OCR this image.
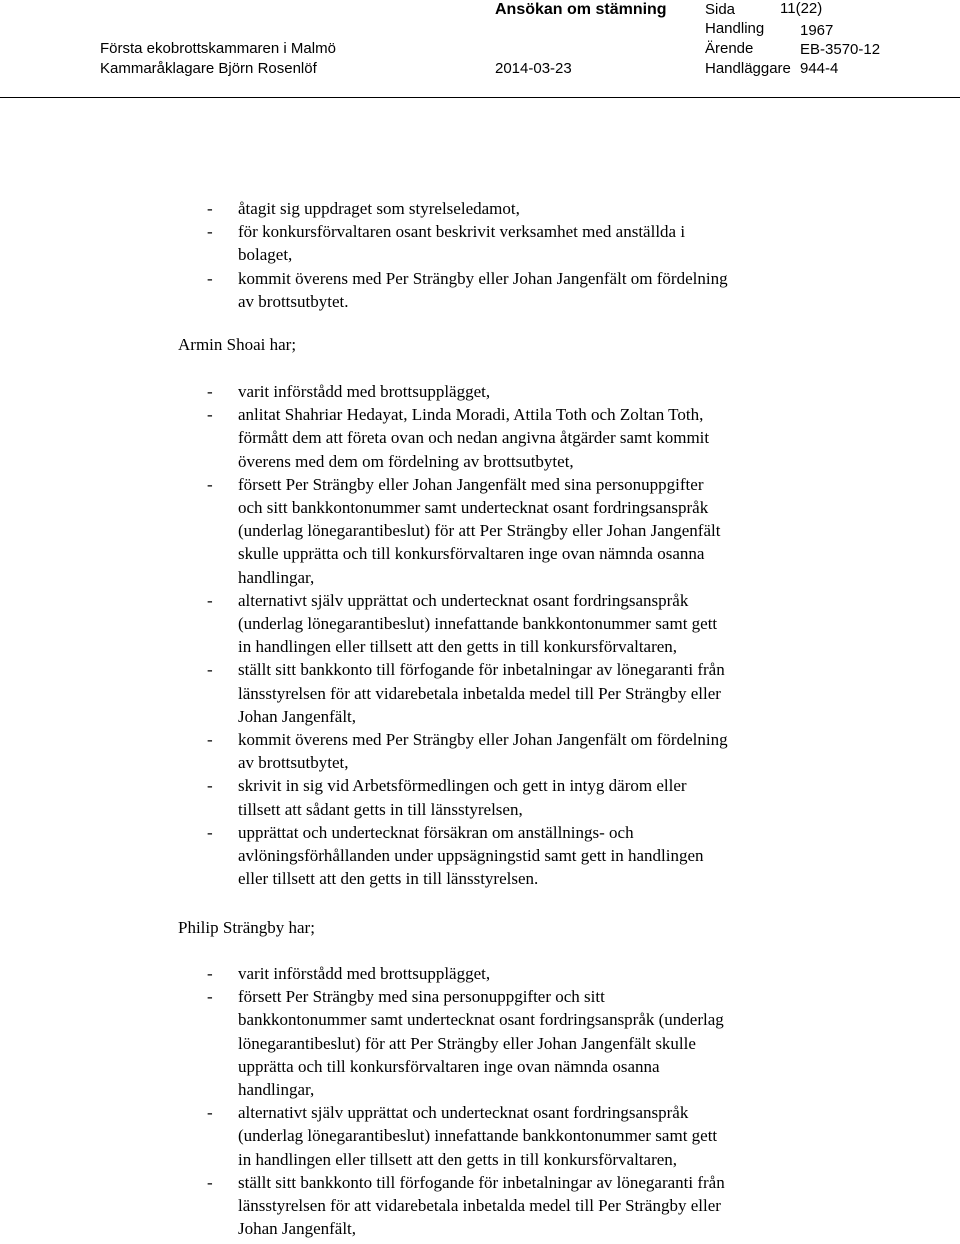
Ansökan om stämning	Sida	11(22)
Handling 1967
Första ekobrottskammaren i Malmö	Ärende	EB-3570-12
Kammaråklagare Björn Rosenlöf	2014-03-23	Handläggare 944-4
Armin Shoai har;
Philip Strängby har;
- åtagit sig uppdraget som styrelseledamot,
- för konkursförvaltaren osant beskrivit verksamhet med anställda i
bolaget,
- kommit överens med Per Strängby eller Johan Jangenfält om fördelning
av brottsutbytet.
- varit införstådd med brottsupplägget,
- anlitat Shahriar Hedayat, Linda Moradi, Attila Toth och Zoltan Toth,
förmått dem att företa ovan och nedan angivna åtgärder samt kommit
överens med dem om fördelning av brottsutbytet,
- försett Per Strängby eller Johan Jangenfält med sina personuppgifter
och sitt bankkontonummer samt undertecknat osant fordringsanspråk
(underlag lönegarantibeslut) för att Per Strängby eller Johan Jangenfält
skulle upprätta och till konkursförvaltaren inge ovan nämnda osanna
handlingar,
- alternativt själv upprättat och undertecknat osant fordringsanspråk
(underlag lönegarantibeslut) innefattande bankkontonummer samt gett
in handlingen eller tillsett att den getts in till konkursförvaltaren,
- ställt sitt bankkonto till förfogande för inbetalningar av lönegaranti från
länsstyrelsen för att vidarebetala inbetalda medel till Per Strängby eller
Johan Jangenfält,
- kommit överens med Per Strängby eller Johan Jangenfält om fördelning
av brottsutbytet,
- skrivit in sig vid Arbetsförmedlingen och gett in intyg därom eller
tillsett att sådant getts in till länsstyrelsen,
- upprättat och undertecknat försäkran om anställnings- och
avlöningsförhållanden under uppsägningstid samt gett in handlingen
eller tillsett att den getts in till länsstyrelsen.
- varit införstådd med brottsupplägget,
- försett Per Strängby med sina personuppgifter och sitt
bankkontonummer samt undertecknat osant fordringsanspråk (underlag
lönegarantibeslut) för att Per Strängby eller Johan Jangenfält skulle
upprätta och till konkursförvaltaren inge ovan nämnda osanna
handlingar,
- alternativt själv upprättat och undertecknat osant fordringsanspråk
(underlag lönegarantibeslut) innefattande bankkontonummer samt gett
in handlingen eller tillsett att den getts in till konkursförvaltaren,
- ställt sitt bankkonto till förfogande för inbetalningar av lönegaranti från
länsstyrelsen för att vidarebetala inbetalda medel till Per Strängby eller
Johan Jangenfält,
